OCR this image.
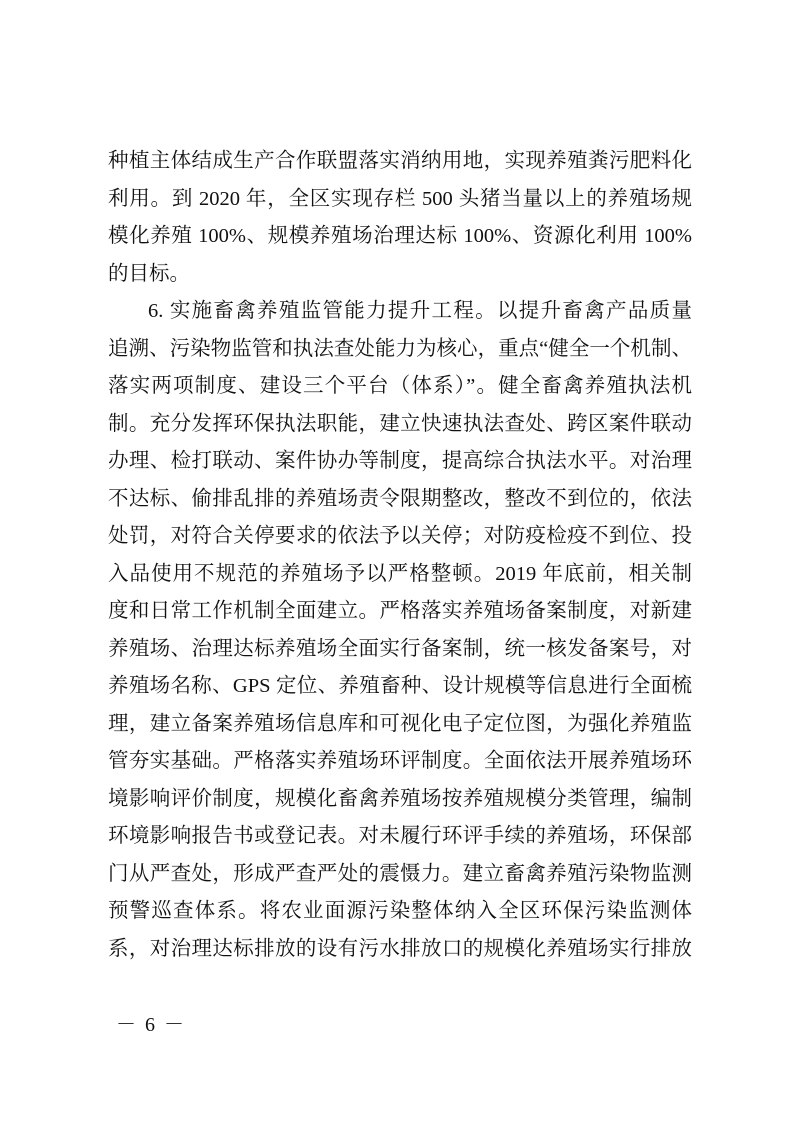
种植主体结成生产合作联盟落实消纳用地，实现养殖粪污肥料化
利用。到 2020 年，全区实现存栏 500 头猪当量以上的养殖场规
模化养殖 100%、规模养殖场治理达标 100%、资源化利用 100%
的目标。
6. 实施畜禽养殖监管能力提升工程。以提升畜禽产品质量
追溯、污染物监管和执法查处能力为核心，重点“健全一个机制、
落实两项制度、建设三个平台（体系）”。健全畜禽养殖执法机
制。充分发挥环保执法职能，建立快速执法查处、跨区案件联动
办理、检打联动、案件协办等制度，提高综合执法水平。对治理
不达标、偷排乱排的养殖场责令限期整改，整改不到位的，依法
处罚，对符合关停要求的依法予以关停；对防疫检疫不到位、投
入品使用不规范的养殖场予以严格整顿。2019 年底前，相关制
度和日常工作机制全面建立。严格落实养殖场备案制度，对新建
养殖场、治理达标养殖场全面实行备案制，统一核发备案号，对
养殖场名称、GPS 定位、养殖畜种、设计规模等信息进行全面梳
理，建立备案养殖场信息库和可视化电子定位图，为强化养殖监
管夯实基础。严格落实养殖场环评制度。全面依法开展养殖场环
境影响评价制度，规模化畜禽养殖场按养殖规模分类管理，编制
环境影响报告书或登记表。对未履行环评手续的养殖场，环保部
门从严查处，形成严查严处的震慑力。建立畜禽养殖污染物监测
预警巡查体系。将农业面源污染整体纳入全区环保污染监测体
系，对治理达标排放的设有污水排放口的规模化养殖场实行排放
－ 6 －
